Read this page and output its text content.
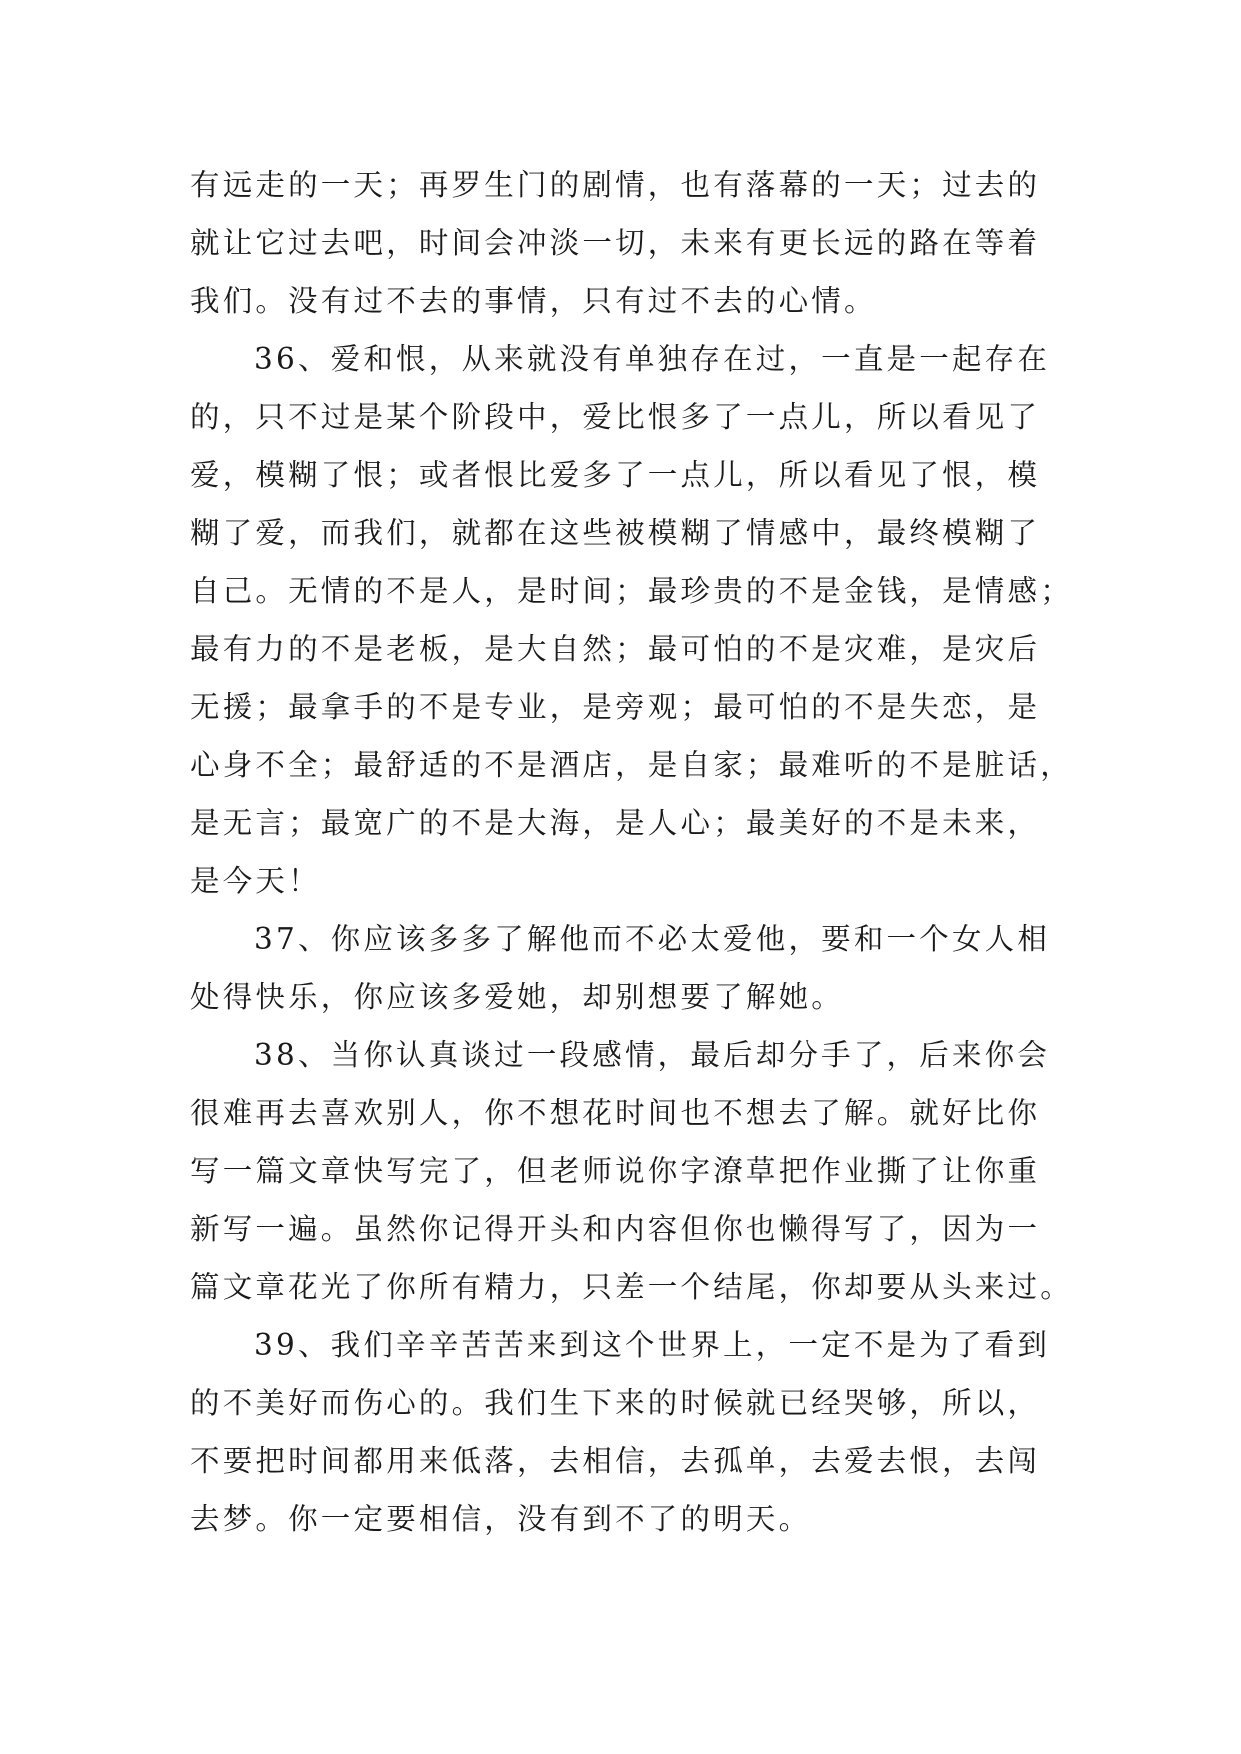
有远走的一天；再罗生门的剧情，也有落幕的一天；过去的
就让它过去吧，时间会冲淡一切，未来有更长远的路在等着
我们。没有过不去的事情，只有过不去的心情。
36、爱和恨，从来就没有单独存在过，一直是一起存在
的，只不过是某个阶段中，爱比恨多了一点儿，所以看见了
爱，模糊了恨；或者恨比爱多了一点儿，所以看见了恨，模
糊了爱，而我们，就都在这些被模糊了情感中，最终模糊了
自己。无情的不是人，是时间；最珍贵的不是金钱，是情感；
最有力的不是老板，是大自然；最可怕的不是灾难，是灾后
无援；最拿手的不是专业，是旁观；最可怕的不是失恋，是
心身不全；最舒适的不是酒店，是自家；最难听的不是脏话，
是无言；最宽广的不是大海，是人心；最美好的不是未来，
是今天！
37、你应该多多了解他而不必太爱他，要和一个女人相
处得快乐，你应该多爱她，却别想要了解她。
38、当你认真谈过一段感情，最后却分手了，后来你会
很难再去喜欢别人，你不想花时间也不想去了解。就好比你
写一篇文章快写完了，但老师说你字潦草把作业撕了让你重
新写一遍。虽然你记得开头和内容但你也懒得写了，因为一
篇文章花光了你所有精力，只差一个结尾，你却要从头来过。
39、我们辛辛苦苦来到这个世界上，一定不是为了看到
的不美好而伤心的。我们生下来的时候就已经哭够，所以，
不要把时间都用来低落，去相信，去孤单，去爱去恨，去闯
去梦。你一定要相信，没有到不了的明天。
